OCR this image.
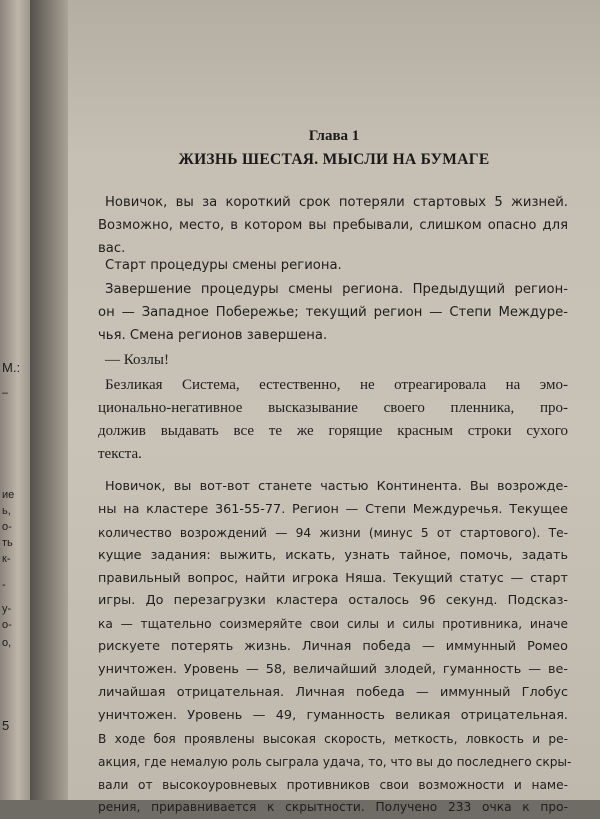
М.:
–
ие
ь,
о-
ть
к-
-
у-
о-
о,
5
Глава 1
ЖИЗНЬ ШЕСТАЯ. МЫСЛИ НА БУМАГЕ
Новичок, вы за короткий срок потеряли стартовых 5 жизней.
Возможно, место, в котором вы пребывали, слишком опасно для
вас.
Старт процедуры смены региона.
Завершение процедуры смены региона. Предыдущий регион-
он — Западное Побережье; текущий регион — Степи Междуре-
чья. Смена регионов завершена.
— Козлы!
Безликая Система, естественно, не отреагировала на эмо-
ционально-негативное высказывание своего пленника, про-
должив выдавать все те же горящие красным строки сухого
текста.
Новичок, вы вот-вот станете частью Континента. Вы возрожде-
ны на кластере 361-55-77. Регион — Степи Междуречья. Текущее
количество возрождений — 94 жизни (минус 5 от стартового). Те-
кущие задания: выжить, искать, узнать тайное, помочь, задать
правильный вопрос, найти игрока Няша. Текущий статус — старт
игры. До перезагрузки кластера осталось 96 секунд. Подсказ-
ка — тщательно соизмеряйте свои силы и силы противника, иначе
рискуете потерять жизнь. Личная победа — иммунный Ромео
уничтожен. Уровень — 58, величайший злодей, гуманность — ве-
личайшая отрицательная. Личная победа — иммунный Глобус
уничтожен. Уровень — 49, гуманность великая отрицательная.
В ходе боя проявлены высокая скорость, меткость, ловкость и ре-
акция, где немалую роль сыграла удача, то, что вы до последнего скры-
вали от высокоуровневых противников свои возможности и наме-
рения, приравнивается к скрытности. Получено 233 очка к про-
